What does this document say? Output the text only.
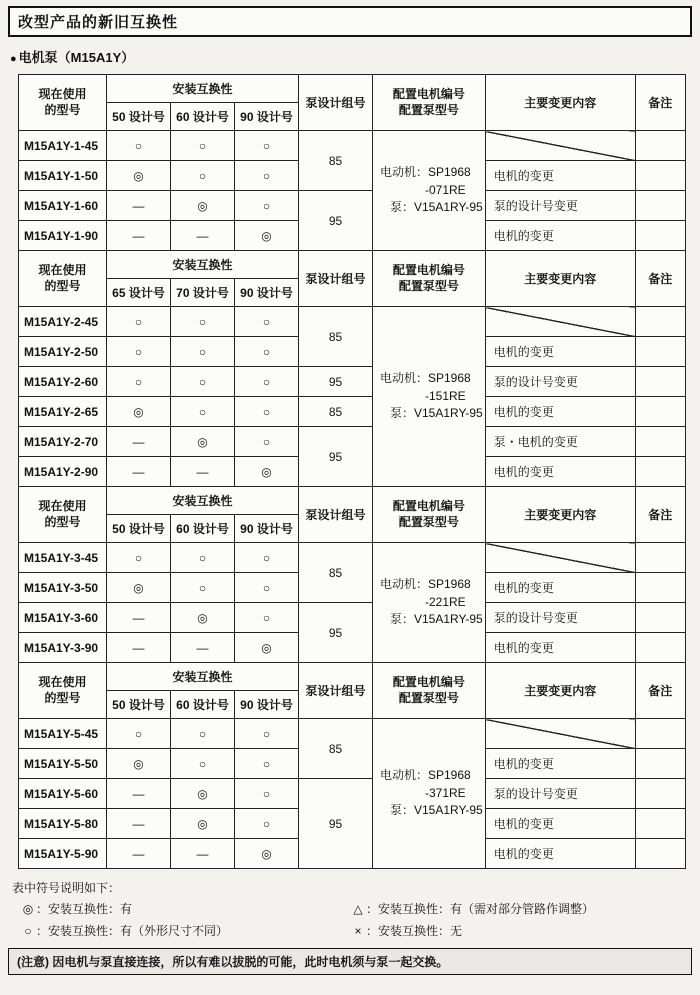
改型产品的新旧互换性
● 电机泵（M15A1Y）
现在使用
的型号
	安装互换性	泵设计组号	
配置电机编号
配置泵型号	主要变更内容	备注
	50 设计号	60 设计号	90 设计号				
M15A1Y-1-45	○	○	○	85	电动机：SP1968
-071RE
泵：V15A1RY-95		

M15A1Y-1-50	◎	○	○			电机的变更	
M15A1Y-1-60	—	◎	○	95		泵的设计号变更	
M15A1Y-1-90	—	—	◎			电机的变更	
现在使用
的型号
	安装互换性	泵设计组号	
配置电机编号
配置泵型号	主要变更内容	备注
	65 设计号	70 设计号	90 设计号				
M15A1Y-2-45	○	○	○	85	电动机：SP1968
-151RE
泵：V15A1RY-95		

M15A1Y-2-50	○	○	○			电机的变更	
M15A1Y-2-60	○	○	○	95		泵的设计号变更	
M15A1Y-2-65	◎	○	○	85		电机的变更	
M15A1Y-2-70	—	◎	○	95		泵・电机的变更	
M15A1Y-2-90	—	—	◎			电机的变更	
现在使用
的型号
	安装互换性	泵设计组号	
配置电机编号
配置泵型号	主要变更内容	备注
	50 设计号	60 设计号	90 设计号				
M15A1Y-3-45	○	○	○	85	电动机：SP1968
-221RE
泵：V15A1RY-95		

M15A1Y-3-50	◎	○	○			电机的变更	
M15A1Y-3-60	—	◎	○	95		泵的设计号变更	
M15A1Y-3-90	—	—	◎			电机的变更	
现在使用
的型号
	安装互换性	泵设计组号	
配置电机编号
配置泵型号	主要变更内容	备注
	50 设计号	60 设计号	90 设计号				
M15A1Y-5-45	○	○	○	85	电动机：SP1968
-371RE
泵：V15A1RY-95		

M15A1Y-5-50	◎	○	○			电机的变更	
M15A1Y-5-60	—	◎	○	95		泵的设计号变更	
M15A1Y-5-80	—	◎	○			电机的变更	
M15A1Y-5-90	—	—	◎			电机的变更	
表中符号说明如下：
◎ ：安装互换性：有	△ ：安装互换性：有（需对部分管路作调整）
○ ：安装互换性：有（外形尺寸不同）	× ：安装互换性：无
(注意) 因电机与泵直接连接，所以有难以拔脱的可能，此时电机须与泵一起交换。
